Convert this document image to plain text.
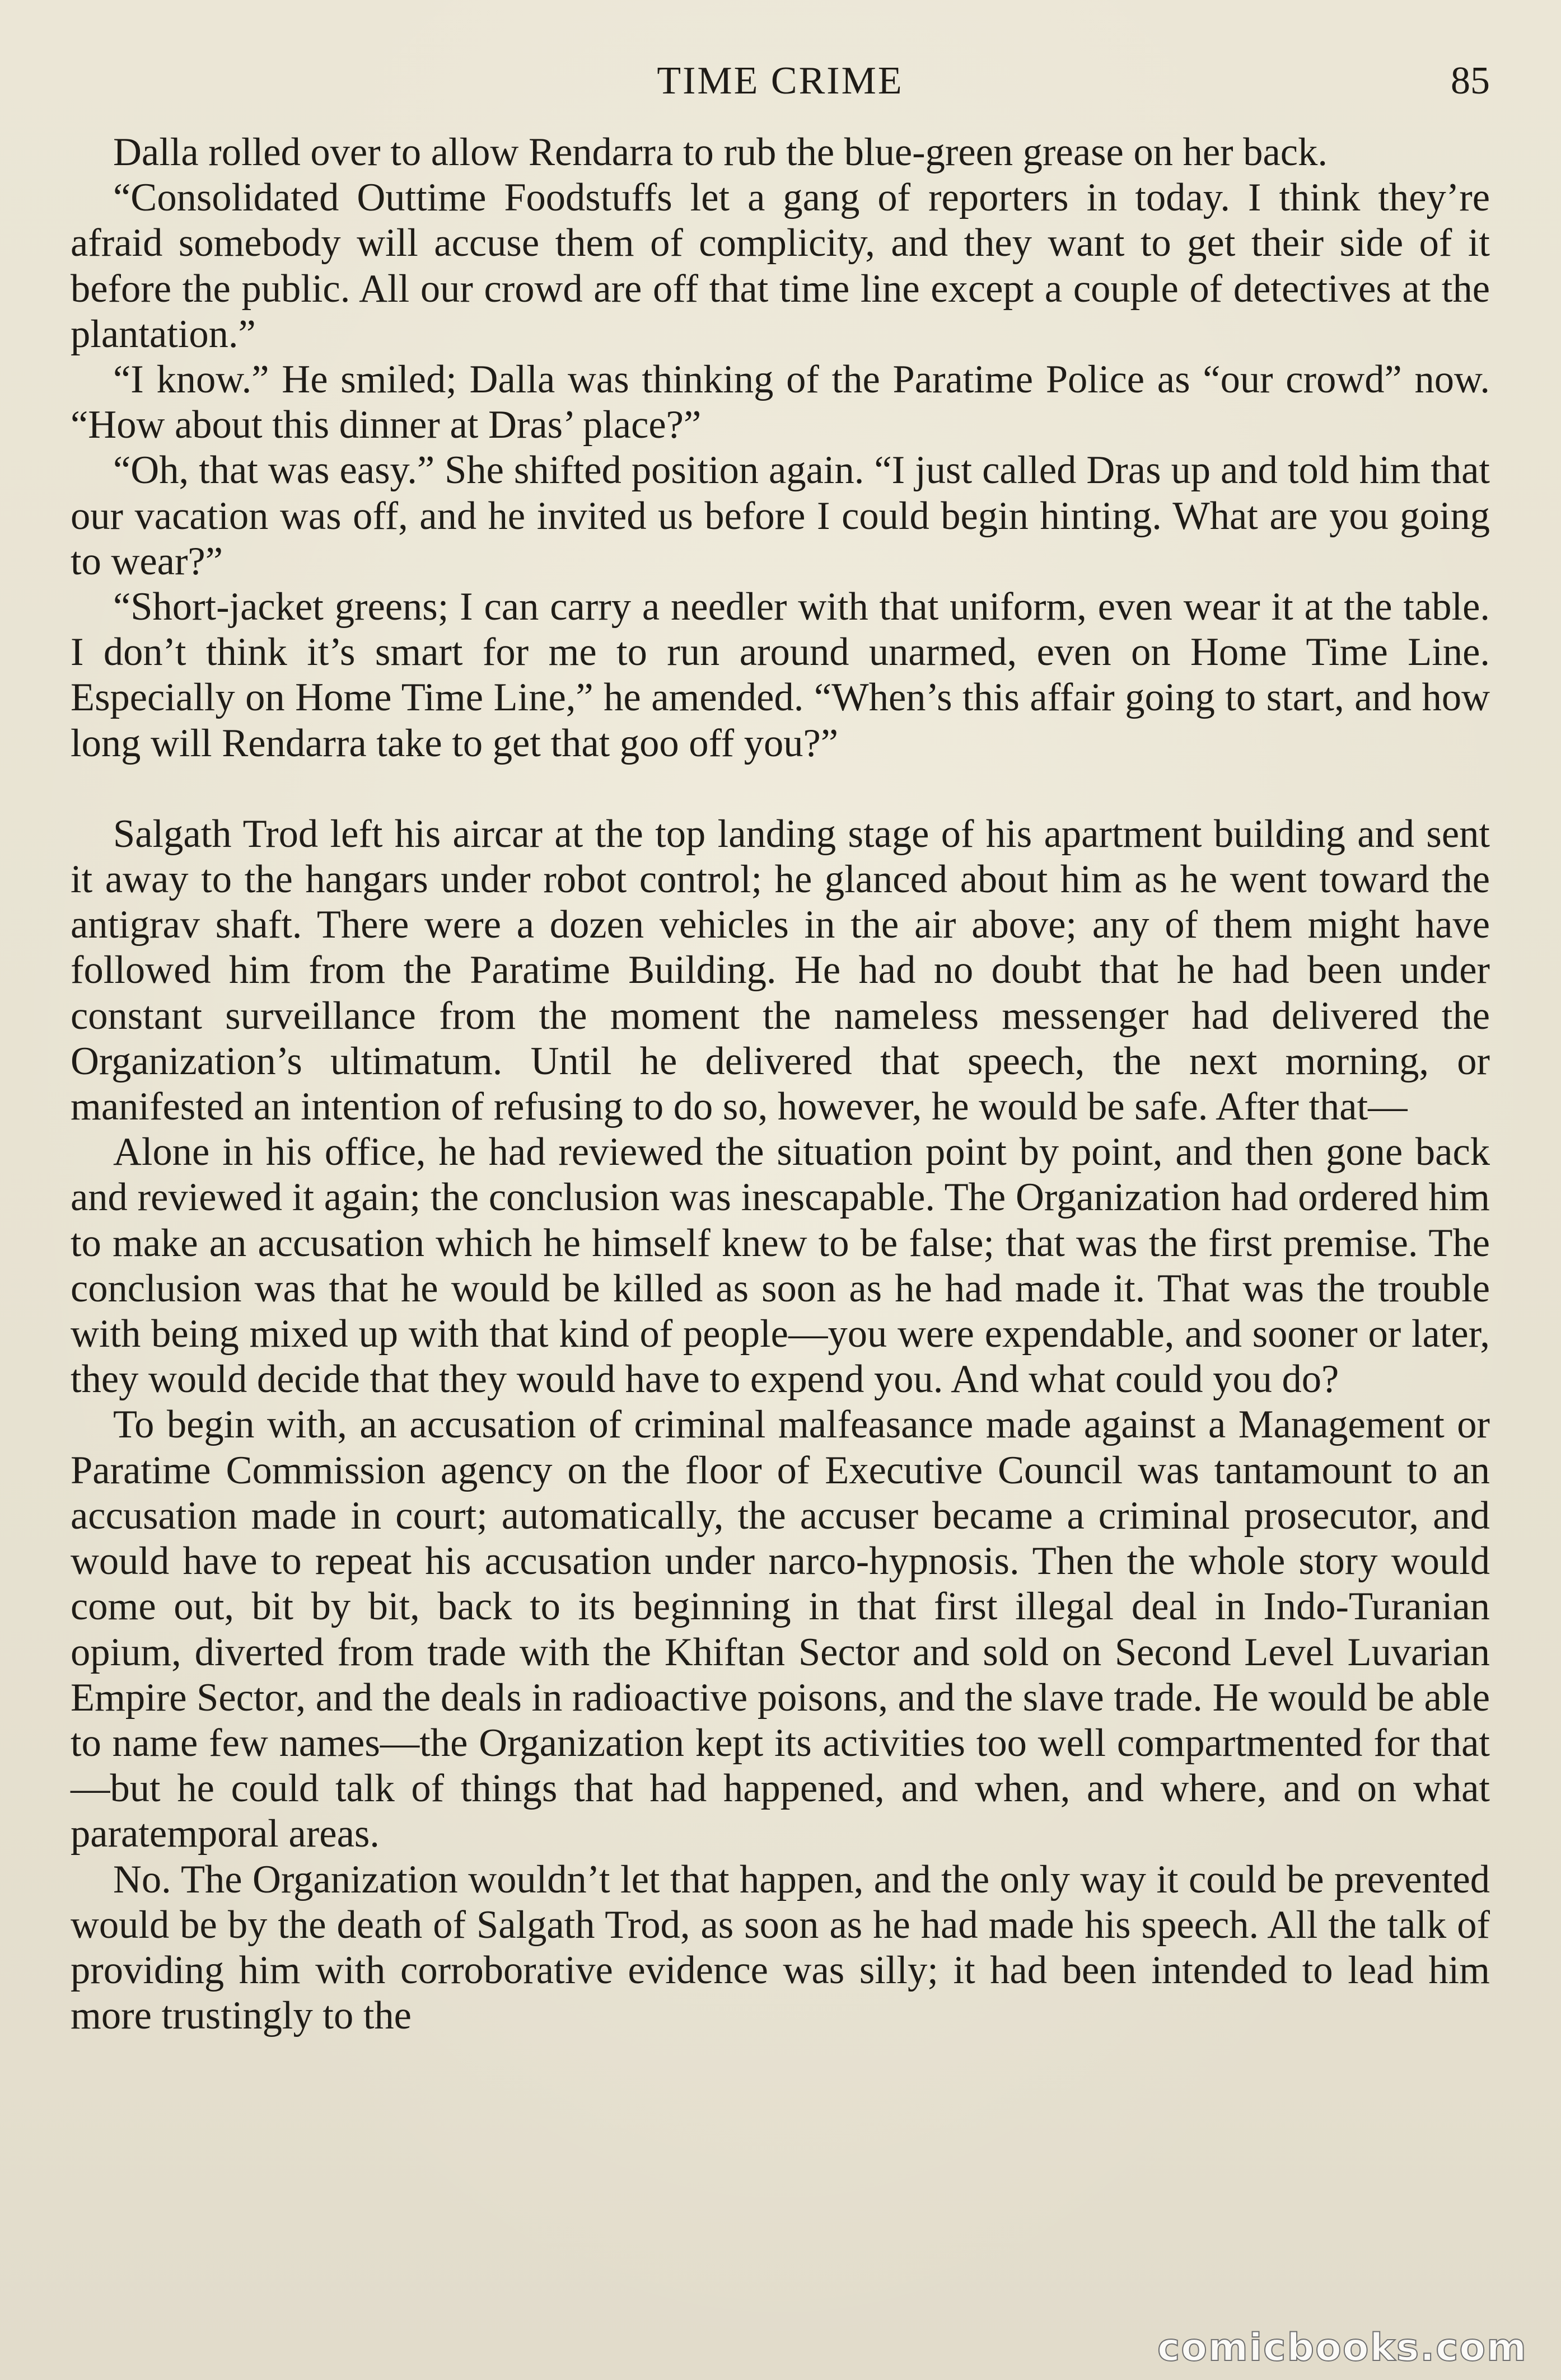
TIME CRIME	85

Dalla rolled over to allow Rendarra to rub the blue-green grease on her back.

“Consolidated Outtime Foodstuffs let a gang of reporters in today. I think they’re afraid somebody will accuse them of complicity, and they want to get their side of it before the public. All our crowd are off that time line except a couple of detectives at the plantation.”

“I know.” He smiled; Dalla was thinking of the Paratime Police as “our crowd” now. “How about this dinner at Dras’ place?”

“Oh, that was easy.” She shifted position again. “I just called Dras up and told him that our vacation was off, and he invited us before I could begin hinting. What are you going to wear?”

“Short-jacket greens; I can carry a needler with that uniform, even wear it at the table. I don’t think it’s smart for me to run around unarmed, even on Home Time Line. Especially on Home Time Line,” he amended. “When’s this affair going to start, and how long will Rendarra take to get that goo off you?”

Salgath Trod left his aircar at the top landing stage of his apartment building and sent it away to the hangars under robot control; he glanced about him as he went toward the antigrav shaft. There were a dozen vehicles in the air above; any of them might have followed him from the Paratime Building. He had no doubt that he had been under constant surveillance from the moment the nameless messenger had delivered the Organization’s ultimatum. Until he delivered that speech, the next morning, or manifested an intention of refusing to do so, however, he would be safe. After that—

Alone in his office, he had reviewed the situation point by point, and then gone back and reviewed it again; the conclusion was inescapable. The Organization had ordered him to make an accusation which he himself knew to be false; that was the first premise. The conclusion was that he would be killed as soon as he had made it. That was the trouble with being mixed up with that kind of people—you were expendable, and sooner or later, they would decide that they would have to expend you. And what could you do?

To begin with, an accusation of criminal malfeasance made against a Management or Paratime Commission agency on the floor of Executive Council was tantamount to an accusation made in court; automatically, the accuser became a criminal prosecutor, and would have to repeat his accusation under narco-hypnosis. Then the whole story would come out, bit by bit, back to its beginning in that first illegal deal in Indo-Turanian opium, diverted from trade with the Khiftan Sector and sold on Second Level Luvarian Empire Sector, and the deals in radioactive poisons, and the slave trade. He would be able to name few names—the Organization kept its activities too well compartmented for that—but he could talk of things that had happened, and when, and where, and on what paratemporal areas.

No. The Organization wouldn’t let that happen, and the only way it could be prevented would be by the death of Salgath Trod, as soon as he had made his speech. All the talk of providing him with corroborative evidence was silly; it had been intended to lead him more trustingly to the

comicbooks.com
